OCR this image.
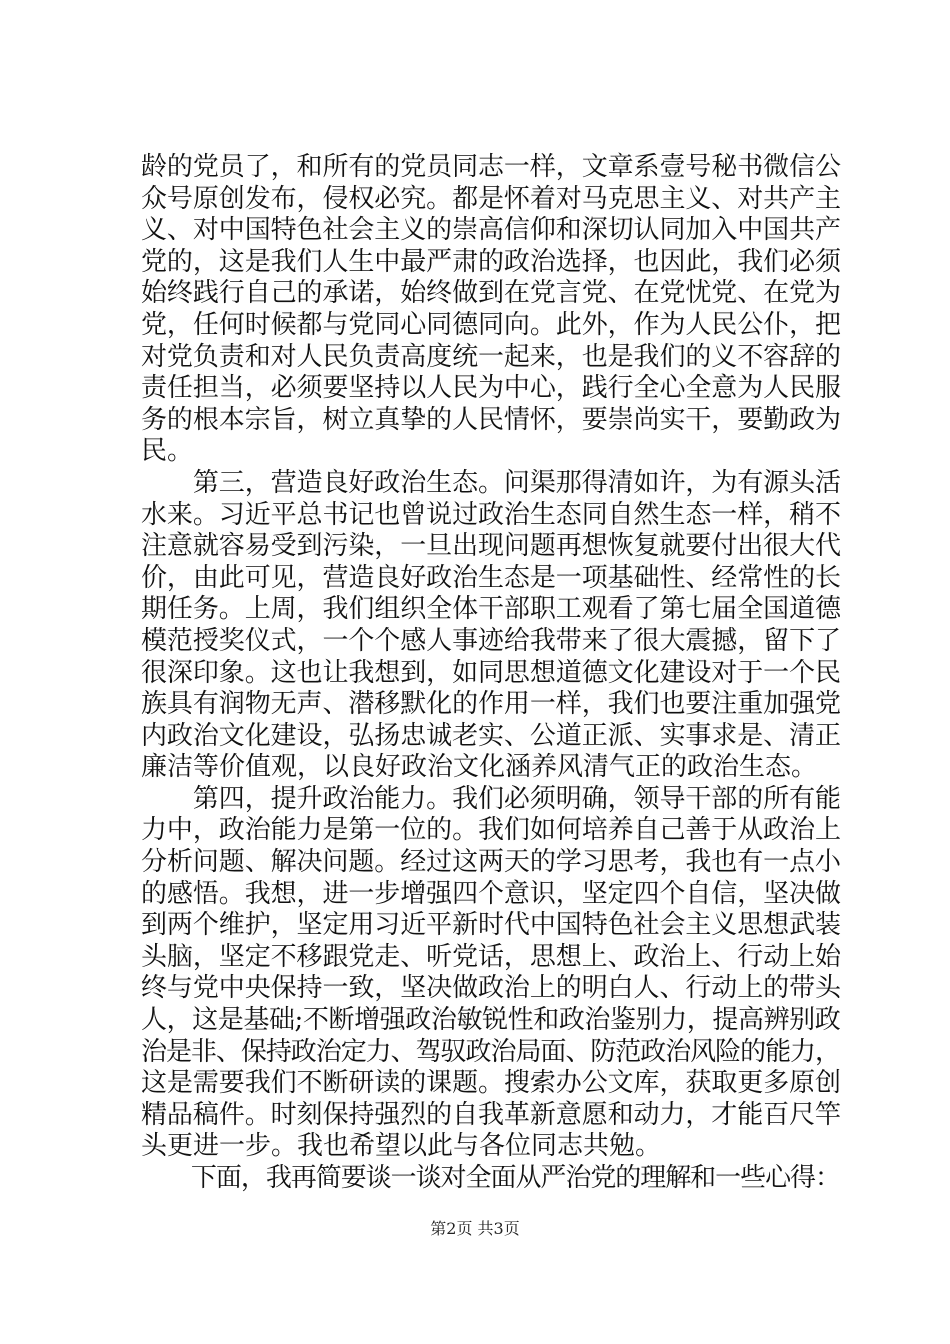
龄的党员了，和所有的党员同志一样，文章系壹号秘书微信公
众号原创发布，侵权必究。都是怀着对马克思主义、对共产主
义、对中国特色社会主义的崇高信仰和深切认同加入中国共产
党的，这是我们人生中最严肃的政治选择，也因此，我们必须
始终践行自己的承诺，始终做到在党言党、在党忧党、在党为
党，任何时候都与党同心同德同向。此外，作为人民公仆，把
对党负责和对人民负责高度统一起来，也是我们的义不容辞的
责任担当，必须要坚持以人民为中心，践行全心全意为人民服
务的根本宗旨，树立真挚的人民情怀，要崇尚实干，要勤政为
民。
　　第三，营造良好政治生态。问渠那得清如许，为有源头活
水来。习近平总书记也曾说过政治生态同自然生态一样，稍不
注意就容易受到污染，一旦出现问题再想恢复就要付出很大代
价，由此可见，营造良好政治生态是一项基础性、经常性的长
期任务。上周，我们组织全体干部职工观看了第七届全国道德
模范授奖仪式，一个个感人事迹给我带来了很大震撼，留下了
很深印象。这也让我想到，如同思想道德文化建设对于一个民
族具有润物无声、潜移默化的作用一样，我们也要注重加强党
内政治文化建设，弘扬忠诚老实、公道正派、实事求是、清正
廉洁等价值观，以良好政治文化涵养风清气正的政治生态。
　　第四，提升政治能力。我们必须明确，领导干部的所有能
力中，政治能力是第一位的。我们如何培养自己善于从政治上
分析问题、解决问题。经过这两天的学习思考，我也有一点小
的感悟。我想，进一步增强四个意识，坚定四个自信，坚决做
到两个维护，坚定用习近平新时代中国特色社会主义思想武装
头脑，坚定不移跟党走、听党话，思想上、政治上、行动上始
终与党中央保持一致，坚决做政治上的明白人、行动上的带头
人，这是基础;不断增强政治敏锐性和政治鉴别力，提高辨别政
治是非、保持政治定力、驾驭政治局面、防范政治风险的能力，
这是需要我们不断研读的课题。搜索办公文库，获取更多原创
精品稿件。时刻保持强烈的自我革新意愿和动力，才能百尺竿
头更进一步。我也希望以此与各位同志共勉。
　　下面，我再简要谈一谈对全面从严治党的理解和一些心得：
第2页 共3页
